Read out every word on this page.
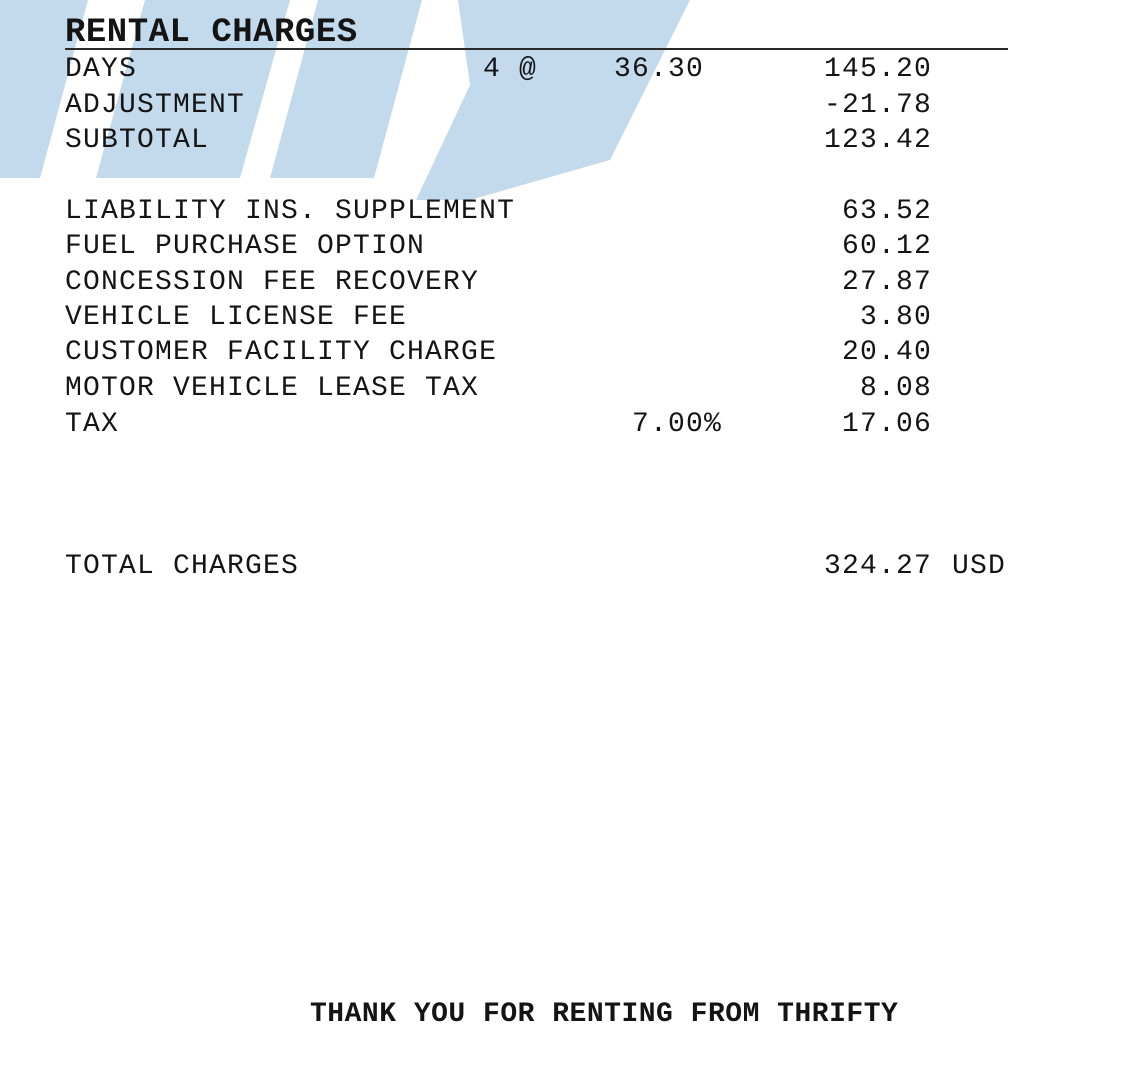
RENTAL CHARGES
DAYS	4 @	36.30	145.20
ADJUSTMENT	-21.78
SUBTOTAL	123.42
LIABILITY INS. SUPPLEMENT	63.52
FUEL PURCHASE OPTION	60.12
CONCESSION FEE RECOVERY	27.87
VEHICLE LICENSE FEE	3.80
CUSTOMER FACILITY CHARGE	20.40
MOTOR VEHICLE LEASE TAX	8.08
TAX	7.00%	17.06
TOTAL CHARGES	324.27 USD
THANK YOU FOR RENTING FROM THRIFTY
